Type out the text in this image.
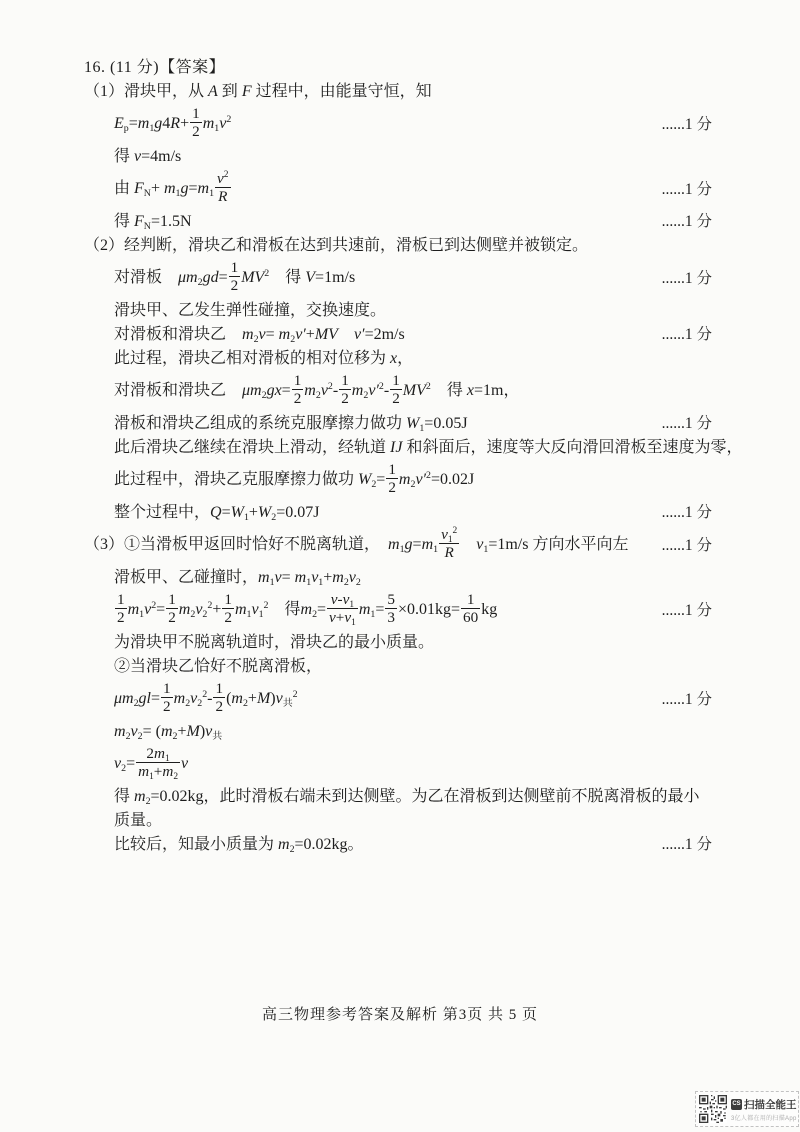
16. (11 分)【答案】
（1）滑块甲，从 A 到 F 过程中，由能量守恒，知
$E_p=m_1g4R+ \frac{1}{2} m_1v^2$	......1 分
得 v=4m/s
由 $F_N+ m_1g=m_1 \frac{v^2}{R}$	......1 分
得 $F_N=1.5N$	......1 分
（2）经判断，滑块乙和滑板在达到共速前，滑板已到达侧壁并被锁定。
对滑板　$\mu m_2gd= \frac{1}{2} MV^2$　得 V=1m/s	......1 分
滑块甲、乙发生弹性碰撞，交换速度。
对滑板和滑块乙　$m_2v= m_2v'+MV$　 v′=2m/s	......1 分
此过程，滑块乙相对滑板的相对位移为 x，
对滑板和滑块乙　$\mu m_2gx= \frac{1}{2} m_2v^2- \frac{1}{2} m_2v'^2- \frac{1}{2} MV^2$　得 x=1m，
滑板和滑块乙组成的系统克服摩擦力做功 $W_1=0.05J$	......1 分
此后滑块乙继续在滑块上滑动，经轨道 IJ 和斜面后，速度等大反向滑回滑板至速度为零，
此过程中，滑块乙克服摩擦力做功 $W_2= \frac{1}{2} m_2v'^2=0.02J$
整个过程中，$Q=W_1+W_2=0.07J$	......1 分
（3）①当滑板甲返回时恰好不脱离轨道，　$m_1g=m_1 \frac{v_1^2}{R}$
　 $v_1=1m/s$ 方向水平向左 ......1 分
滑板甲、乙碰撞时，$m_1v= m_1v_1+m_2v_2$
$\frac{1}{2} m_1v^2= \frac{1}{2} m_2v_2^2+ \frac{1}{2} m_1v_1^2$　得$m_2= \frac{v-v_1}{v+v_1} m_1= \frac{5}{3} \times 0.01kg= \frac{1}{60}$ kg	......1 分
为滑块甲不脱离轨道时，滑块乙的最小质量。
②当滑块乙恰好不脱离滑板，
$\mu m_2gl= \frac{1}{2} m_2v_2^2- \frac{1}{2} (m_2+M)v_共^2$	......1 分
$m_2v_2= (m_2+M)v_共$
$v_2= \frac{2m_1}{m_1+m_2}$ v
得 $m_2=0.02kg$，此时滑板右端未到达侧壁。为乙在滑板到达侧壁前不脱离滑板的最小质量。
比较后，知最小质量为 $m_2=0.02kg$。	......1 分
高三物理参考答案及解析 第3页 共 5 页
CS 扫描全能王
3亿人都在用的扫描App
